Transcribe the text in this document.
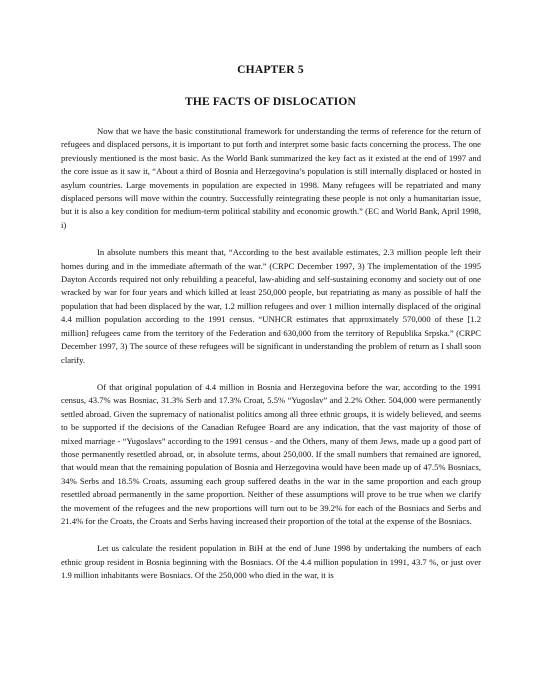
CHAPTER 5
THE FACTS OF DISLOCATION

Now that we have the basic constitutional framework for understanding the terms of reference for the return of refugees and displaced persons, it is important to put forth and interpret some basic facts concerning the process. The one previously mentioned is the most basic. As the World Bank summarized the key fact as it existed at the end of 1997 and the core issue as it saw it, “About a third of Bosnia and Herzegovina’s population is still internally displaced or hosted in asylum countries. Large movements in population are expected in 1998. Many refugees will be repatriated and many displaced persons will move within the country. Successfully reintegrating these people is not only a humanitarian issue, but it is also a key condition for medium-term political stability and economic growth.” (EC and World Bank, April 1998, i)

In absolute numbers this meant that, “According to the best available estimates, 2.3 million people left their homes during and in the immediate aftermath of the war.” (CRPC December 1997, 3) The implementation of the 1995 Dayton Accords required not only rebuilding a peaceful, law-abiding and self-sustaining economy and society out of one wracked by war for four years and which killed at least 250,000 people, but repatriating as many as possible of half the population that had been displaced by the war, 1.2 million refugees and over 1 million internally displaced of the original 4.4 million population according to the 1991 census. “UNHCR estimates that approximately 570,000 of these [1.2 million] refugees came from the territory of the Federation and 630,000 from the territory of Republika Srpska.” (CRPC December 1997, 3) The source of these refugees will be significant in understanding the problem of return as I shall soon clarify.

Of that original population of 4.4 million in Bosnia and Herzegovina before the war, according to the 1991 census, 43.7% was Bosniac, 31.3% Serb and 17.3% Croat, 5.5% “Yugoslav” and 2.2% Other. 504,000 were permanently settled abroad. Given the supremacy of nationalist politics among all three ethnic groups, it is widely believed, and seems to be supported if the decisions of the Canadian Refugee Board are any indication, that the vast majority of those of mixed marriage - “Yugoslavs” according to the 1991 census - and the Others, many of them Jews, made up a good part of those permanently resettled abroad, or, in absolute terms, about 250,000. If the small numbers that remained are ignored, that would mean that the remaining population of Bosnia and Herzegovina would have been made up of 47.5% Bosniacs, 34% Serbs and 18.5% Croats, assuming each group suffered deaths in the war in the same proportion and each group resettled abroad permanently in the same proportion. Neither of these assumptions will prove to be true when we clarify the movement of the refugees and the new proportions will turn out to be 39.2% for each of the Bosniacs and Serbs and 21.4% for the Croats, the Croats and Serbs having increased their proportion of the total at the expense of the Bosniacs.

Let us calculate the resident population in BiH at the end of June 1998 by undertaking the numbers of each ethnic group resident in Bosnia beginning with the Bosniacs. Of the 4.4 million population in 1991, 43.7 %, or just over 1.9 million inhabitants were Bosniacs. Of the 250,000 who died in the war, it is
